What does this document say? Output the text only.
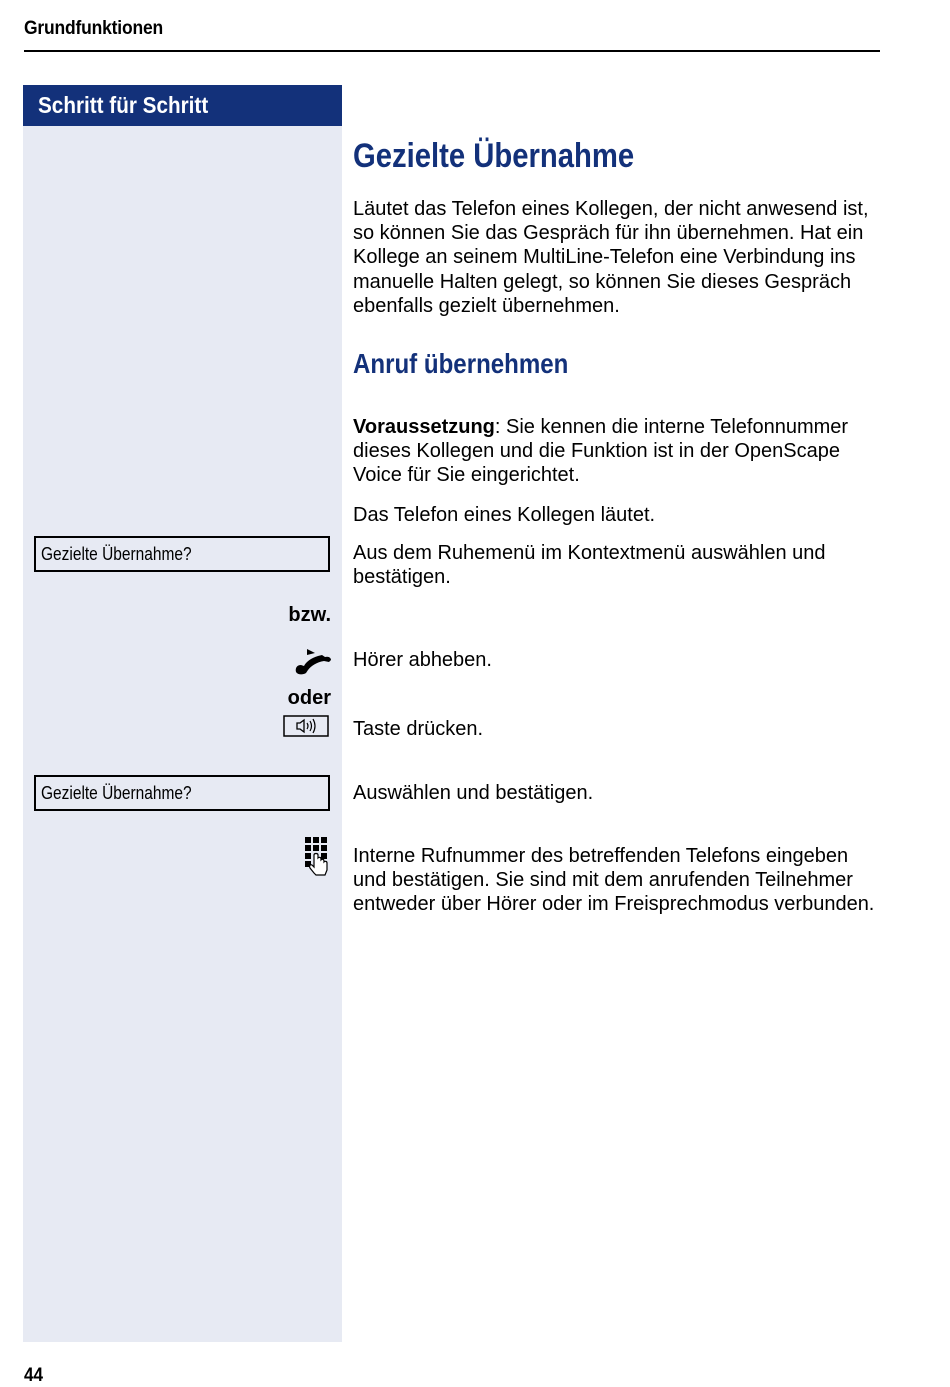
Grundfunktionen
Schritt für Schritt
Gezielte Übernahme?
bzw.
oder
Gezielte Übernahme?
Gezielte Übernahme
Läutet das Telefon eines Kollegen, der nicht anwesend ist, so können Sie das Gespräch für ihn übernehmen. Hat ein Kollege an seinem MultiLine-Telefon eine Verbindung ins manuelle Halten gelegt, so können Sie dieses Gespräch ebenfalls gezielt übernehmen.
Anruf übernehmen
Voraussetzung: Sie kennen die interne Telefonnummer dieses Kollegen und die Funktion ist in der OpenScape Voice für Sie eingerichtet.
Das Telefon eines Kollegen läutet.
Aus dem Ruhemenü im Kontextmenü auswählen und bestätigen.
Hörer abheben.
Taste drücken.
Auswählen und bestätigen.
Interne Rufnummer des betreffenden Telefons eingeben und bestätigen. Sie sind mit dem anrufenden Teilnehmer entweder über Hörer oder im Freisprechmodus verbunden.
44
